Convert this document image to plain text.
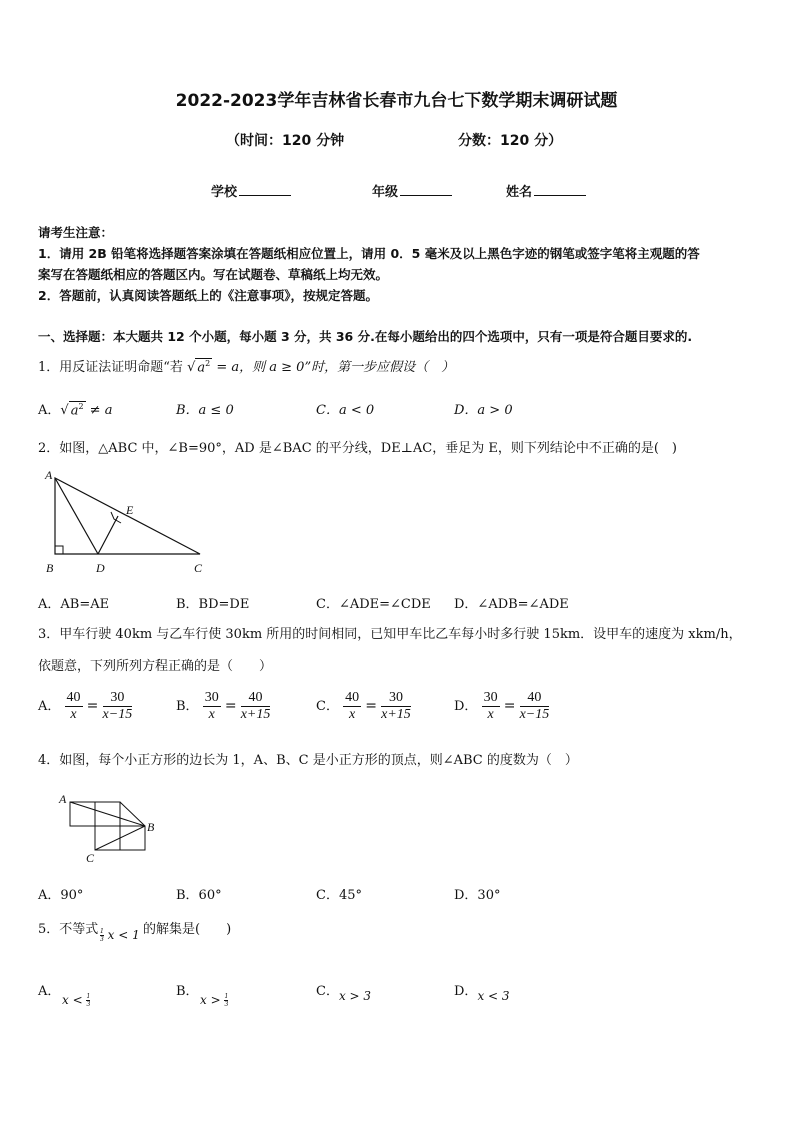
2022-2023学年吉林省长春市九台七下数学期末调研试题
（时间：120 分钟	分数：120 分）
学校	年级	姓名
请考生注意：
1．请用 2B 铅笔将选择题答案涂填在答题纸相应位置上，请用 0．5 毫米及以上黑色字迹的钢笔或签字笔将主观题的答
案写在答题纸相应的答题区内。写在试题卷、草稿纸上均无效。
2．答题前，认真阅读答题纸上的《注意事项》，按规定答题。
一、选择题：本大题共 12 个小题，每小题 3 分，共 36 分.在每小题给出的四个选项中，只有一项是符合题目要求的.
1．用反证法证明命题“若 √ $a^2 = a$，则 a ≥ 0”时，第一步应假设（　）
A．√ $a^2 \ne a$	B．a ≤ 0	C．a < 0	D．a > 0
2．如图，△ABC 中，∠B=90°，AD 是∠BAC 的平分线，DE⊥AC，垂足为 E，则下列结论中不正确的是(　)
A
B	D	C
E
A．AB=AE	B．BD=DE	C．∠ADE=∠CDE D．∠ADB=∠ADE
3．甲车行驶 40km 与乙车行使 30km 所用的时间相同，已知甲车比乙车每小时多行驶 15km．设甲车的速度为 xkm/h，
依题意，下列所列方程正确的是（　　）
A． $\frac{40}{x} = \frac{30}{x-15}$	B． $\frac{30}{x} = \frac{40}{x+15}$	C． $\frac{40}{x} = \frac{30}{x+15}$	D． $\frac{30}{x} = \frac{40}{x-15}$
4．如图，每个小正方形的边长为 1，A、B、C 是小正方形的顶点，则∠ABC 的度数为（　）
A
B
C
A．90°	B．60°	C．45°	D．30°
5．不等式	的解集是(　　)
$\frac{1}{3}$ x < 1
A．
$x < \frac{1}{3}$
B．
$x > \frac{1}{3}$
C．x > 3	D．x < 3
